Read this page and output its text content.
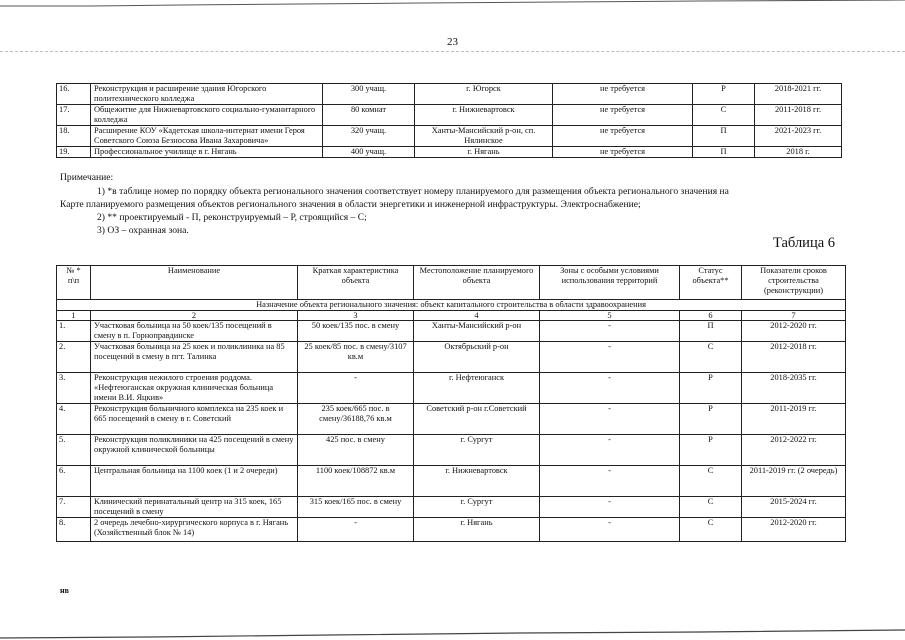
23
16.	Реконструкция и расширение здания Югорского политехнического колледжа	300 учащ.	г. Югорск	не требуется	Р	2018-2021 гг.
17.	Общежитие для Нижневартовского социально-гуманитарного колледжа	80 комнат	г. Нижневартовск	не требуется	С	2011-2018 гг.
18.	Расширение КОУ «Кадетская школа-интернат имени Героя Советского Союза Безносова Ивана Захаровича»	320 учащ.	Ханты-Мансийский р-он, сп. Нялинское	не требуется	П	2021-2023 гг.
19.	Профессиональное училище в г. Нягань	400 учащ.	г. Нягань	не требуется	П	2018 г.
Примечание:
1) *в таблице номер по порядку объекта регионального значения соответствует номеру планируемого для размещения объекта регионального значения на
Карте планируемого размещения объектов регионального значения в области энергетики и инженерной инфраструктуры. Электроснабжение;
2) ** проектируемый - П, реконструируемый – Р, строящийся – С;
3) ОЗ – охранная зона.
Таблица 6
№ * п\п	Наименование	Краткая характеристика объекта	Местоположение планируемого объекта	Зоны с особыми условиями использования территорий	Статус объекта**	Показатели сроков строительства (реконструкции)
Назначение объекта регионального значения: объект капитального строительства в области здравоохранения						
1	2	3	4	5	6	7
1.	Участковая больница на 50 коек/135 посещений в смену в п. Горноправдинске	50 коек/135 пос. в смену	Ханты-Мансийский р-он	-	П	2012-2020 гг.
2.	Участковая больница на 25 коек и поликлиника на 85 посещений в смену в пгт. Талинка	25 коек/85 пос. в смену/3107 кв.м	Октябрьский р-он	-	С	2012-2018 гг.
3.	Реконструкция нежилого строения роддома. «Нефтеюганская окружная клиническая больница имени В.И. Яцкив»	-	г. Нефтеюганск	-	Р	2018-2035 гг.
4.	Реконструкция больничного комплекса на 235 коек и 665 посещений в смену в г. Советский	235 коек/665 пос. в смену/36188,76 кв.м	Советский р-он г.Советский	-	Р	2011-2019 гг.
5.	Реконструкция поликлиники на 425 посещений в смену окружной клинической больницы	425 пос. в смену	г. Сургут	-	Р	2012-2022 гг.
6.	Центральная больница на 1100 коек (1 и 2 очереди)	1100 коек/108872 кв.м	г. Нижневартовск	-	С	2011-2019 гг. (2 очередь)
7.	Клинический перинатальный центр на 315 коек, 165 посещений в смену	315 коек/165 пос. в смену	г. Сургут	-	С	2015-2024 гг.
8.	2 очередь лечебно-хирургического корпуса в г. Нягань (Хозяйственный блок № 14)	-	г. Нягань	-	С	2012-2020 гг.
нв
